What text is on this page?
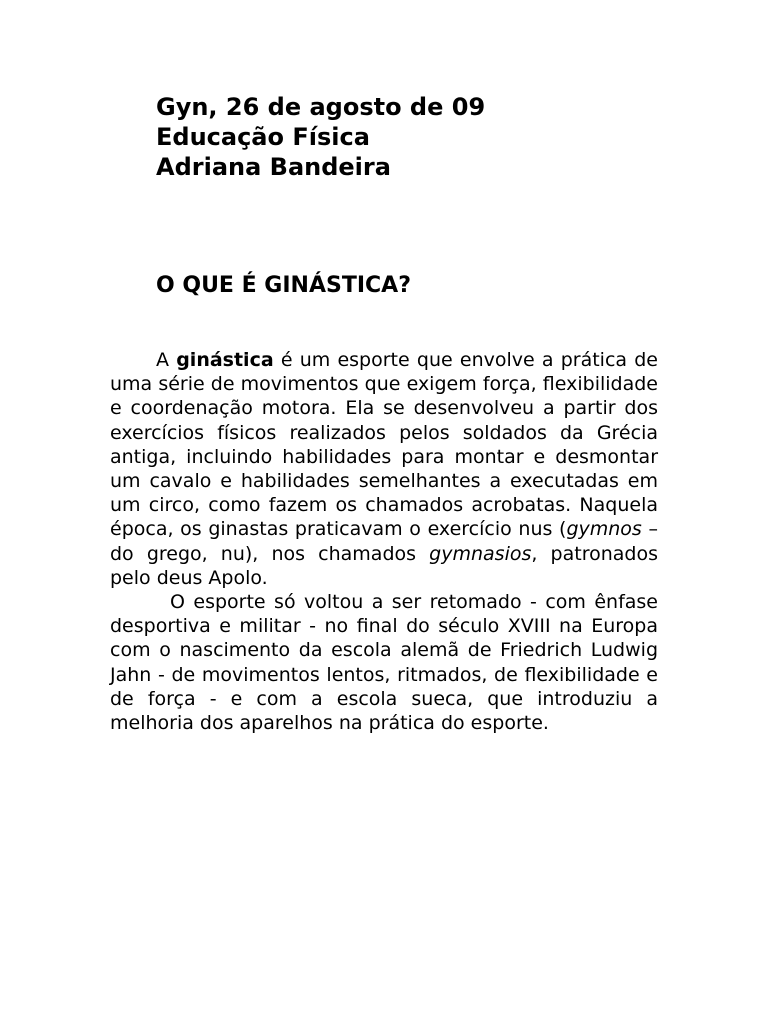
Gyn, 26 de agosto de 09
Educação Física
Adriana Bandeira
O QUE É GINÁSTICA?

A ginástica é um esporte que envolve a prática de uma série de movimentos que exigem força, flexibilidade e coordenação motora. Ela se desenvolveu a partir dos exercícios físicos realizados pelos soldados da Grécia antiga, incluindo habilidades para montar e desmontar um cavalo e habilidades semelhantes a executadas em um circo, como fazem os chamados acrobatas. Naquela época, os ginastas praticavam o exercício nus (gymnos – do grego, nu), nos chamados gymnasios, patronados pelo deus Apolo.

O esporte só voltou a ser retomado - com ênfase desportiva e militar - no final do século XVIII na Europa com o nascimento da escola alemã de Friedrich Ludwig Jahn - de movimentos lentos, ritmados, de flexibilidade e de força - e com a escola sueca, que introduziu a melhoria dos aparelhos na prática do esporte.
